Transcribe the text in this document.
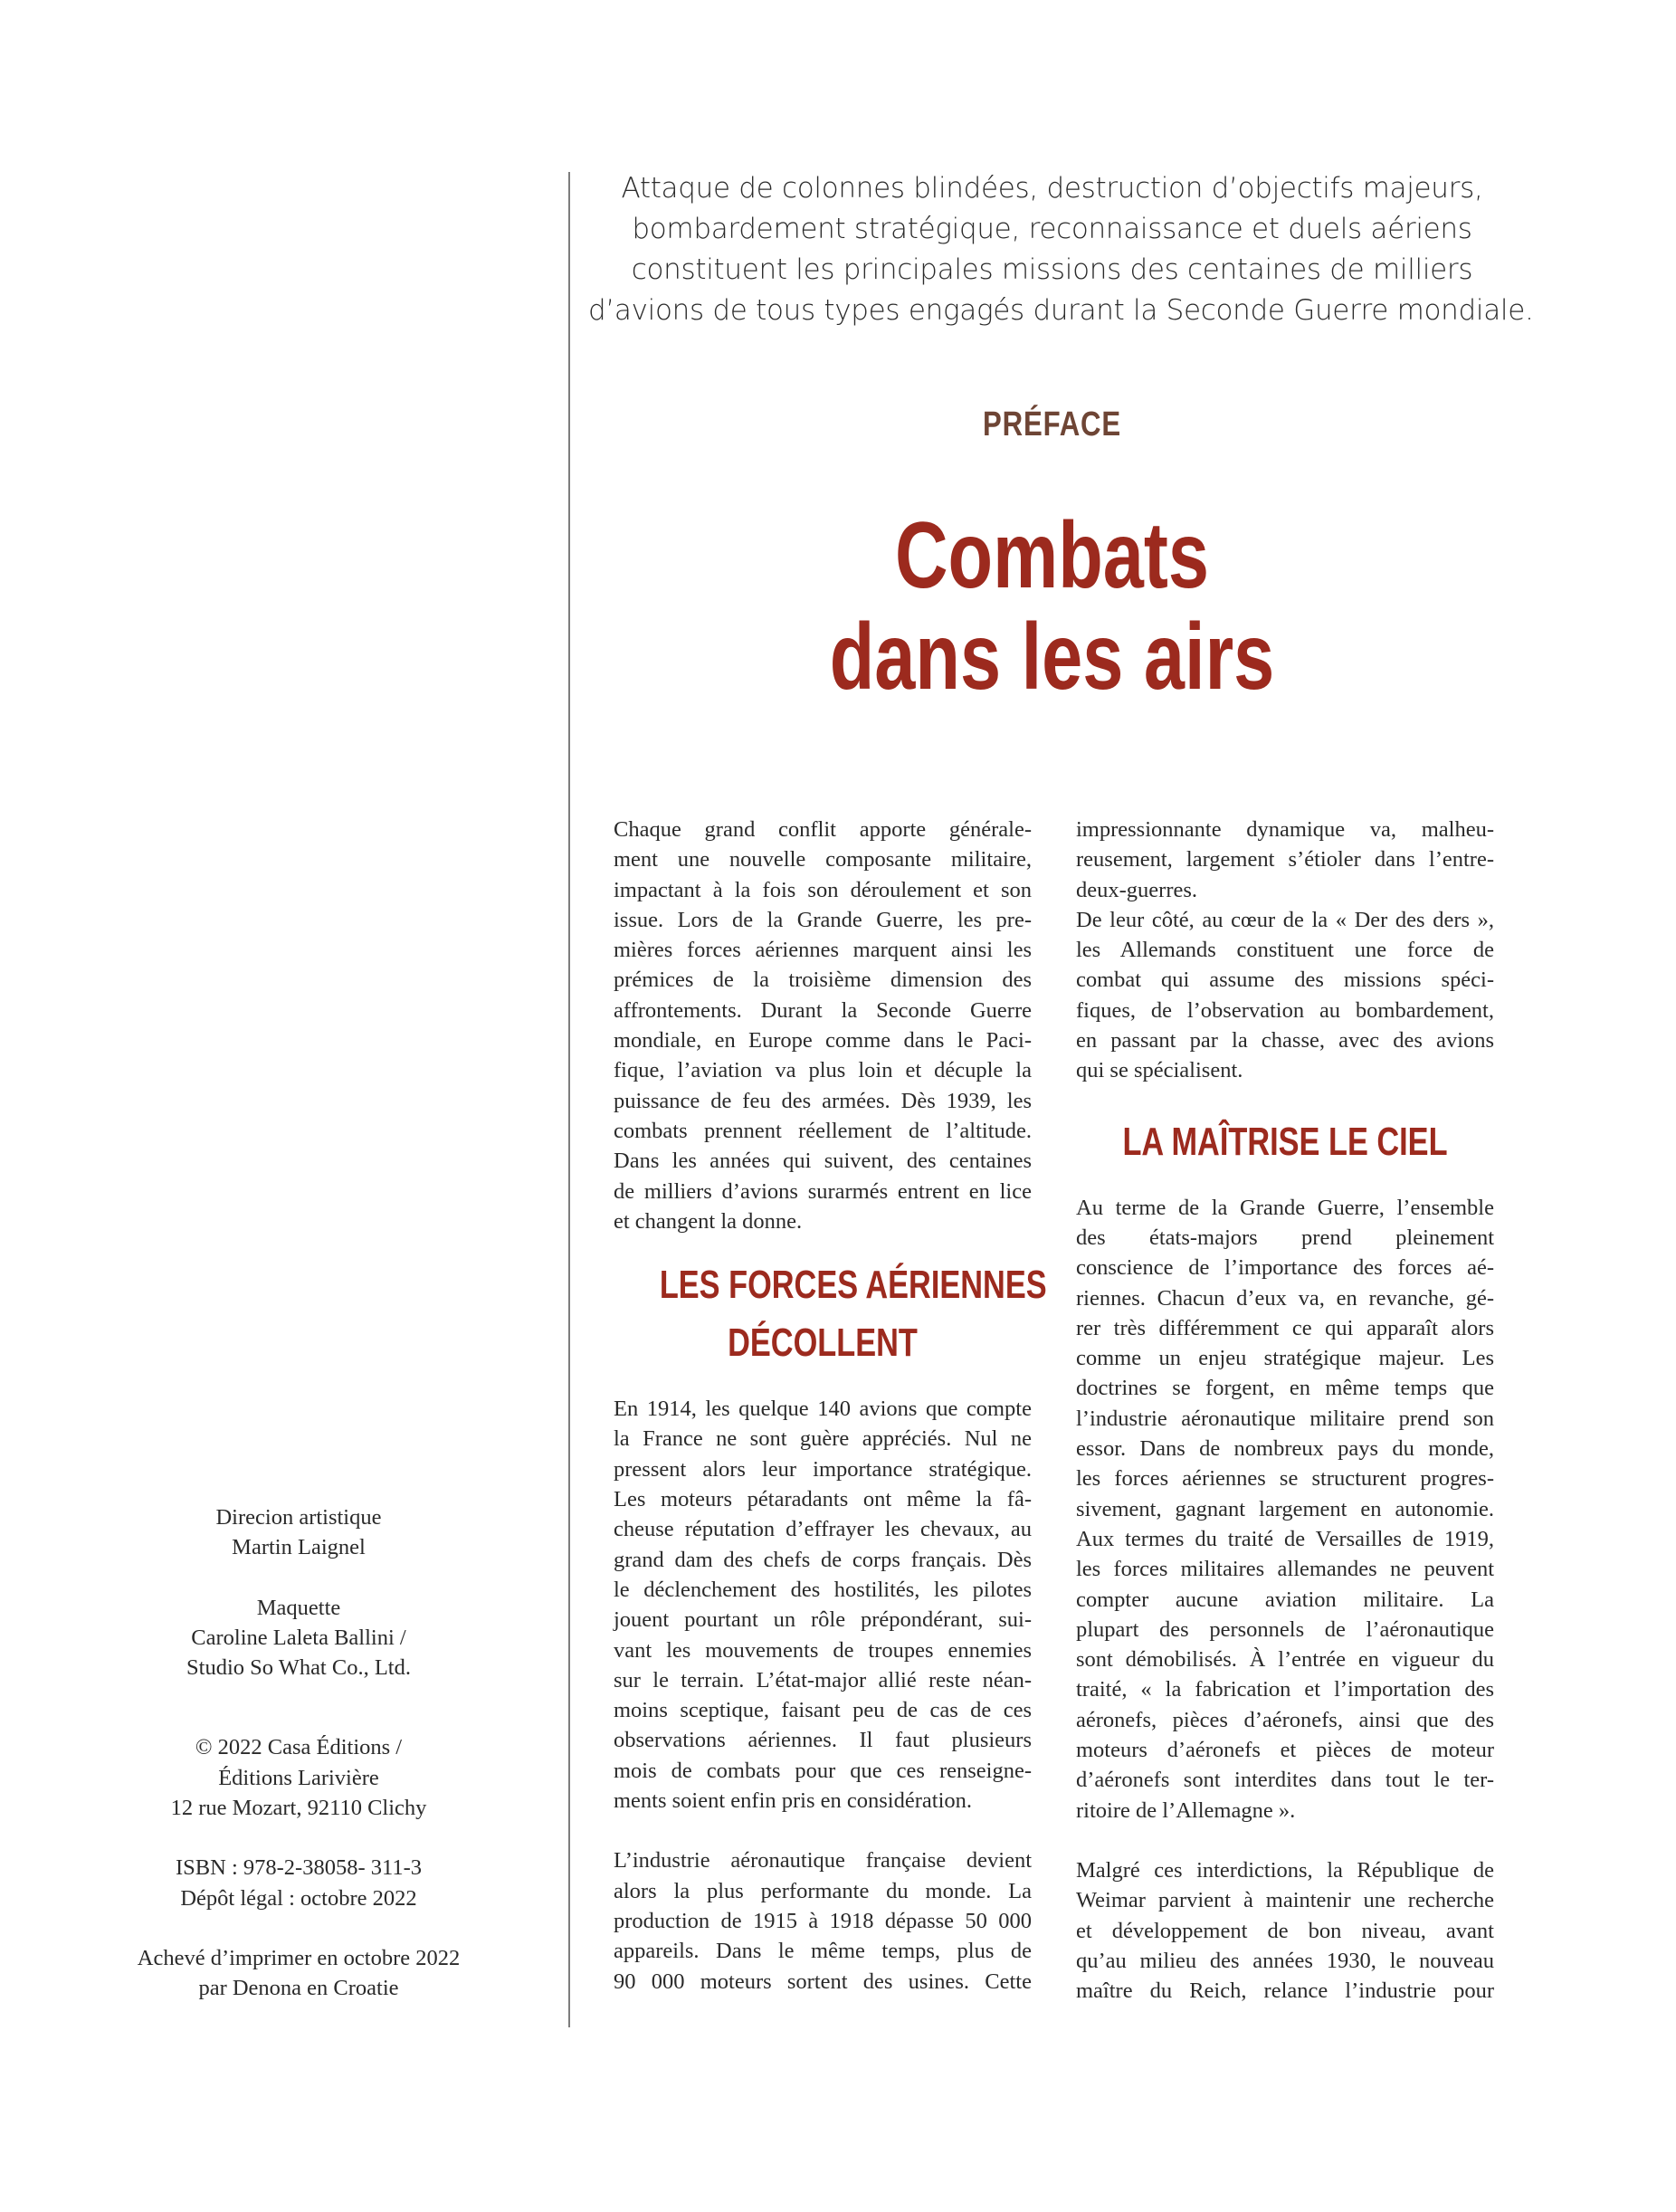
Attaque de colonnes blindées, destruction d’objectifs majeurs,
bombardement stratégique, reconnaissance et duels aériens
constituent les principales missions des centaines de milliers
d’avions de tous types engagés durant la Seconde Guerre mondiale.
PRÉFACE
Combats
dans les airs
Chaque grand conflit apporte générale-
ment une nouvelle composante militaire,
impactant à la fois son déroulement et son
issue. Lors de la Grande Guerre, les pre-
mières forces aériennes marquent ainsi les
prémices de la troisième dimension des
affrontements. Durant la Seconde Guerre
mondiale, en Europe comme dans le Paci-
fique, l’aviation va plus loin et décuple la
puissance de feu des armées. Dès 1939, les
combats prennent réellement de l’altitude.
Dans les années qui suivent, des centaines
de milliers d’avions surarmés entrent en lice
et changent la donne.
LES FORCES AÉRIENNES
DÉCOLLENT
En 1914, les quelque 140 avions que compte
la France ne sont guère appréciés. Nul ne
pressent alors leur importance stratégique.
Les moteurs pétaradants ont même la fâ-
cheuse réputation d’effrayer les chevaux, au
grand dam des chefs de corps français. Dès
le déclenchement des hostilités, les pilotes
jouent pourtant un rôle prépondérant, sui-
vant les mouvements de troupes ennemies
sur le terrain. L’état-major allié reste néan-
moins sceptique, faisant peu de cas de ces
observations aériennes. Il faut plusieurs
mois de combats pour que ces renseigne-
ments soient enfin pris en considération.
L’industrie aéronautique française devient
alors la plus performante du monde. La
production de 1915 à 1918 dépasse 50 000
appareils. Dans le même temps, plus de
90 000 moteurs sortent des usines. Cette
impressionnante dynamique va, malheu-
reusement, largement s’étioler dans l’entre-
deux-guerres.
De leur côté, au cœur de la « Der des ders »,
les Allemands constituent une force de
combat qui assume des missions spéci-
fiques, de l’observation au bombardement,
en passant par la chasse, avec des avions
qui se spécialisent.
LA MAÎTRISE LE CIEL
Au terme de la Grande Guerre, l’ensemble
des états-majors prend pleinement
conscience de l’importance des forces aé-
riennes. Chacun d’eux va, en revanche, gé-
rer très différemment ce qui apparaît alors
comme un enjeu stratégique majeur. Les
doctrines se forgent, en même temps que
l’industrie aéronautique militaire prend son
essor. Dans de nombreux pays du monde,
les forces aériennes se structurent progres-
sivement, gagnant largement en autonomie.
Aux termes du traité de Versailles de 1919,
les forces militaires allemandes ne peuvent
compter aucune aviation militaire. La
plupart des personnels de l’aéronautique
sont démobilisés. À l’entrée en vigueur du
traité, « la fabrication et l’importation des
aéronefs, pièces d’aéronefs, ainsi que des
moteurs d’aéronefs et pièces de moteur
d’aéronefs sont interdites dans tout le ter-
ritoire de l’Allemagne ».
Malgré ces interdictions, la République de
Weimar parvient à maintenir une recherche
et développement de bon niveau, avant
qu’au milieu des années 1930, le nouveau
maître du Reich, relance l’industrie pour
Direcion artistique
Martin Laignel
Maquette
Caroline Laleta Ballini /
Studio So What Co., Ltd.
© 2022 Casa Éditions /
Éditions Larivière
12 rue Mozart, 92110 Clichy
ISBN : 978-2-38058- 311-3
Dépôt légal : octobre 2022
Achevé d’imprimer en octobre 2022
par Denona en Croatie
